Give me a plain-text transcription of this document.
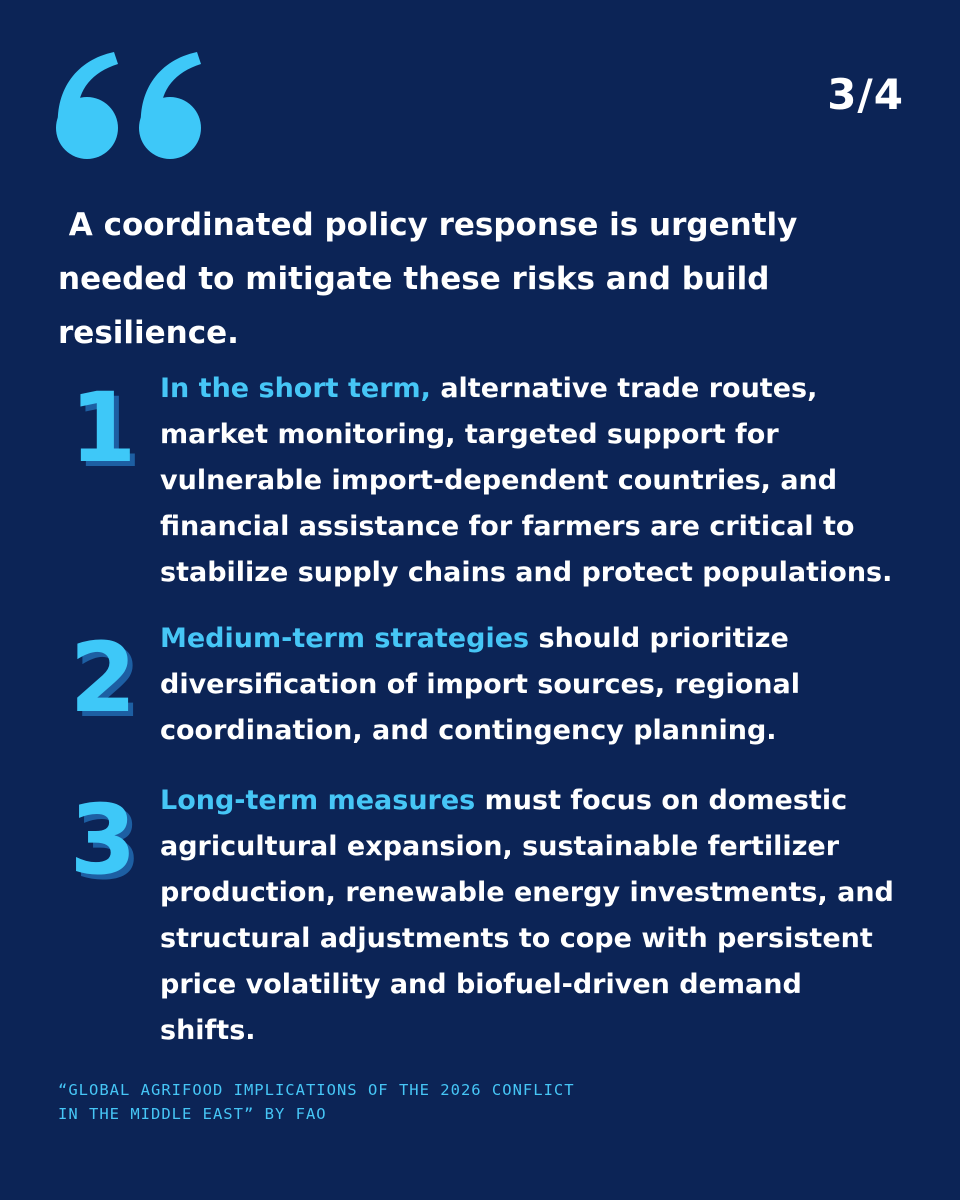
3/4

A coordinated policy response is urgently needed to mitigate these risks and build resilience.

1 In the short term, alternative trade routes, market monitoring, targeted support for vulnerable import-dependent countries, and financial assistance for farmers are critical to stabilize supply chains and protect populations.

2 Medium-term strategies should prioritize diversification of import sources, regional coordination, and contingency planning.

3 Long-term measures must focus on domestic agricultural expansion, sustainable fertilizer production, renewable energy investments, and structural adjustments to cope with persistent price volatility and biofuel-driven demand shifts.

“GLOBAL AGRIFOOD IMPLICATIONS OF THE 2026 CONFLICT
IN THE MIDDLE EAST” BY FAO
